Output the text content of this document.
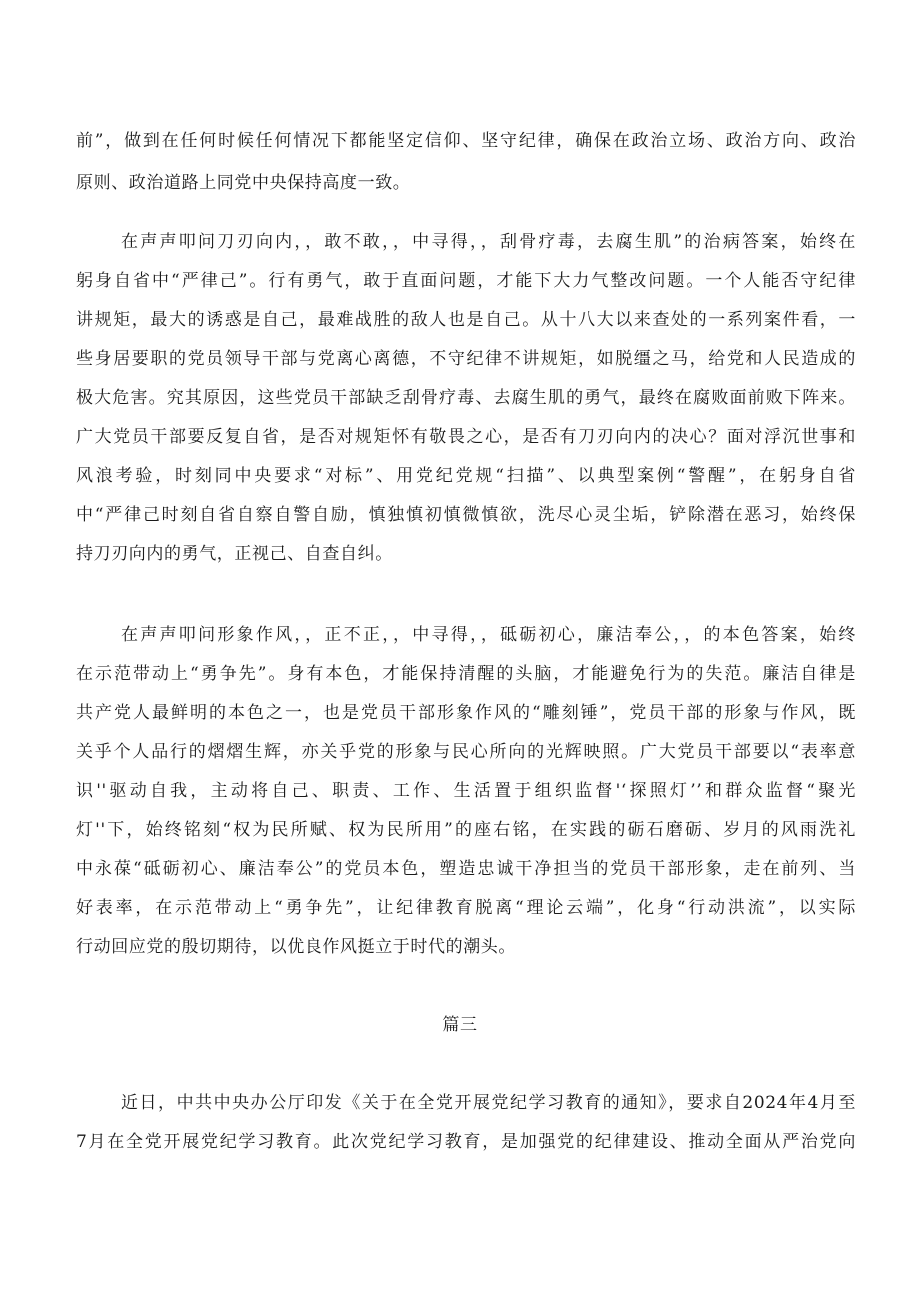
前”，做到在任何时候任何情况下都能坚定信仰、坚守纪律，确保在政治立场、政治方向、政治
原则、政治道路上同党中央保持高度一致。
在声声叩问刀刃向内，，敢不敢，，中寻得，，刮骨疗毒，去腐生肌”的治病答案，始终在
躬身自省中“严律己”。行有勇气，敢于直面问题，才能下大力气整改问题。一个人能否守纪律
讲规矩，最大的诱惑是自己，最难战胜的敌人也是自己。从十八大以来查处的一系列案件看，一
些身居要职的党员领导干部与党离心离德，不守纪律不讲规矩，如脱缰之马，给党和人民造成的
极大危害。究其原因，这些党员干部缺乏刮骨疗毒、去腐生肌的勇气，最终在腐败面前败下阵来。
广大党员干部要反复自省，是否对规矩怀有敬畏之心，是否有刀刃向内的决心？面对浮沉世事和
风浪考验，时刻同中央要求“对标”、用党纪党规“扫描”、以典型案例“警醒”，在躬身自省
中“严律己时刻自省自察自警自励，慎独慎初慎微慎欲，洗尽心灵尘垢，铲除潜在恶习，始终保
持刀刃向内的勇气，正视己、自查自纠。
在声声叩问形象作风，，正不正，，中寻得，，砥砺初心，廉洁奉公，，的本色答案，始终
在示范带动上“勇争先”。身有本色，才能保持清醒的头脑，才能避免行为的失范。廉洁自律是
共产党人最鲜明的本色之一，也是党员干部形象作风的“雕刻锤”，党员干部的形象与作风，既
关乎个人品行的熠熠生辉，亦关乎党的形象与民心所向的光辉映照。广大党员干部要以“表率意
识''驱动自我，主动将自己、职责、工作、生活置于组织监督'‘探照灯’’和群众监督“聚光
灯''下，始终铭刻“权为民所赋、权为民所用”的座右铭，在实践的砺石磨砺、岁月的风雨洗礼
中永葆“砥砺初心、廉洁奉公”的党员本色，塑造忠诚干净担当的党员干部形象，走在前列、当
好表率，在示范带动上“勇争先”，让纪律教育脱离“理论云端”，化身“行动洪流”，以实际
行动回应党的殷切期待，以优良作风挺立于时代的潮头。
篇三
近日，中共中央办公厅印发《关于在全党开展党纪学习教育的通知》，要求自2024年4月至
7月在全党开展党纪学习教育。此次党纪学习教育，是加强党的纪律建设、推动全面从严治党向
